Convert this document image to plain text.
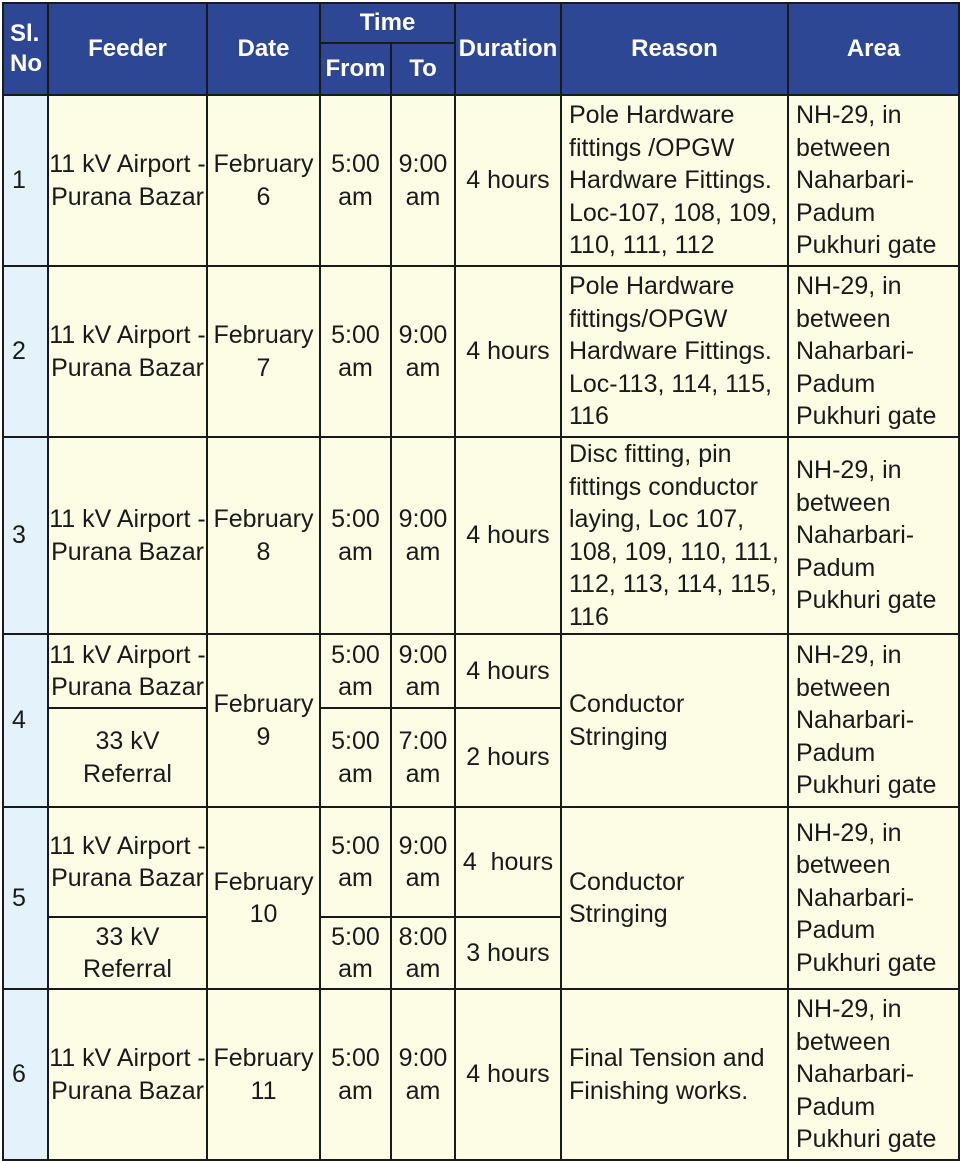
Sl. No	Feeder	Date	Time		Duration	Reason	Area
			From	To			
1	11 kV Airport -Purana Bazar	February 6	5:00 am	9:00 am	4 hours	Pole Hardware fittings /OPGW Hardware Fittings. Loc-107, 108, 109, 110, 111, 112	NH-29, in between Naharbari-Padum Pukhuri gate
2	11 kV Airport -Purana Bazar	February 7	5:00 am	9:00 am	4 hours	Pole Hardware fittings/OPGW Hardware Fittings. Loc-113, 114, 115, 116	NH-29, in between Naharbari-Padum Pukhuri gate
3	11 kV Airport -Purana Bazar	February 8	5:00 am	9:00 am	4 hours	Disc fitting, pin fittings conductor laying, Loc 107, 108, 109, 110, 111, 112, 113, 114, 115, 116	NH-29, in between Naharbari-Padum Pukhuri gate
4	11 kV Airport -Purana Bazar	February 9	5:00 am	9:00 am	4 hours	Conductor Stringing	NH-29, in between Naharbari-Padum Pukhuri gate
	33 kV Referral		5:00 am	7:00 am	2 hours		
5	11 kV Airport -Purana Bazar	February 10	5:00 am	9:00 am	4  hours	Conductor Stringing	NH-29, in between Naharbari-Padum Pukhuri gate
	33 kV Referral		5:00 am	8:00 am	3 hours		
6	11 kV Airport -Purana Bazar	February 11	5:00 am	9:00 am	4 hours	Final Tension and Finishing works.	NH-29, in between Naharbari-Padum Pukhuri gate
